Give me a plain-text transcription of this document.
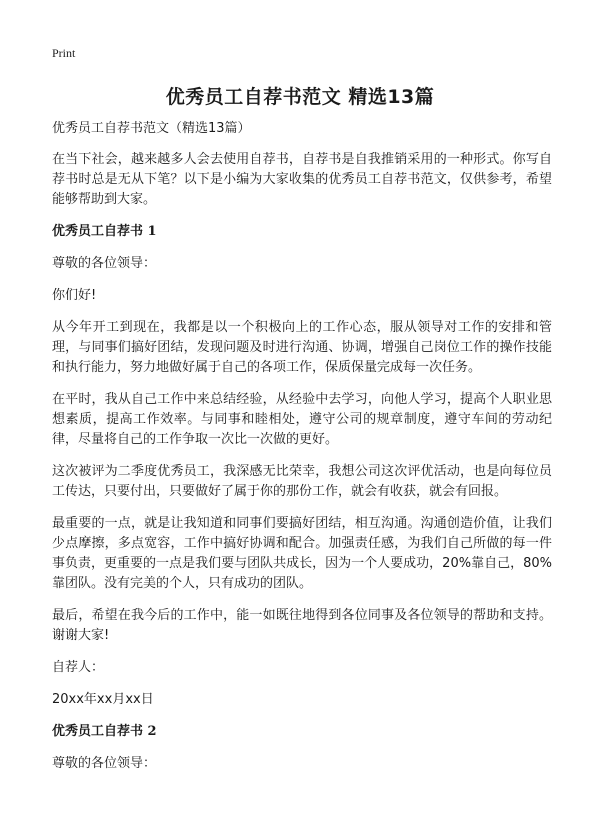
Print
优秀员工自荐书范文 精选13篇

优秀员工自荐书范文（精选13篇）

在当下社会，越来越多人会去使用自荐书，自荐书是自我推销采用的一种形式。你写自荐书时总是无从下笔？以下是小编为大家收集的优秀员工自荐书范文，仅供参考，希望能够帮助到大家。

优秀员工自荐书 1

尊敬的各位领导：

你们好!

从今年开工到现在，我都是以一个积极向上的工作心态，服从领导对工作的安排和管理，与同事们搞好团结，发现问题及时进行沟通、协调，增强自己岗位工作的操作技能和执行能力，努力地做好属于自己的各项工作，保质保量完成每一次任务。

在平时，我从自己工作中来总结经验，从经验中去学习，向他人学习，提高个人职业思想素质，提高工作效率。与同事和睦相处，遵守公司的规章制度，遵守车间的劳动纪律，尽量将自己的工作争取一次比一次做的更好。

这次被评为二季度优秀员工，我深感无比荣幸，我想公司这次评优活动，也是向每位员工传达，只要付出，只要做好了属于你的那份工作，就会有收获，就会有回报。

最重要的一点，就是让我知道和同事们要搞好团结，相互沟通。沟通创造价值，让我们少点摩擦，多点宽容，工作中搞好协调和配合。加强责任感，为我们自己所做的每一件事负责，更重要的一点是我们要与团队共成长，因为一个人要成功，20%靠自己，80%靠团队。没有完美的个人，只有成功的团队。

最后，希望在我今后的工作中，能一如既往地得到各位同事及各位领导的帮助和支持。谢谢大家!

自荐人：

20xx年xx月xx日

优秀员工自荐书 2

尊敬的各位领导：
